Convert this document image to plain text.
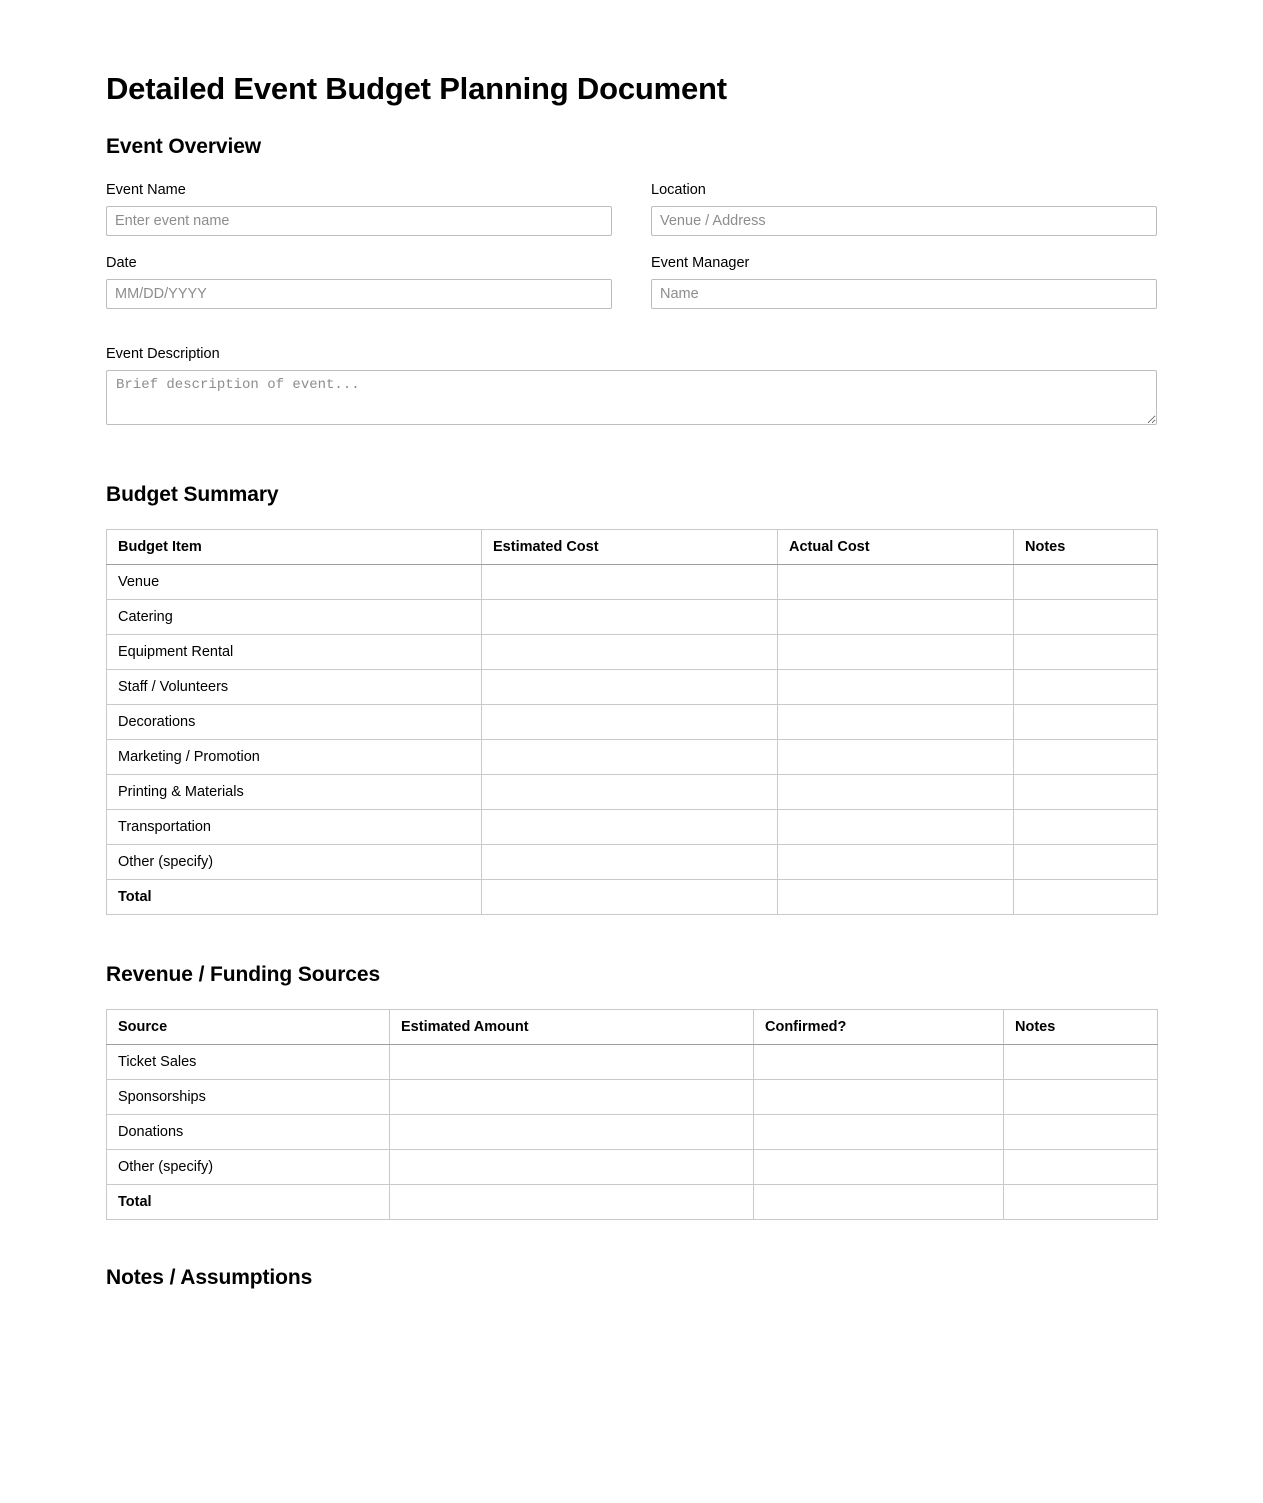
Detailed Event Budget Planning Document
Event Overview
Event Name
Enter event name	Location
Venue / Address
Date
MM/DD/YYYY	Event Manager
Name
Event Description
Brief description of event...
Budget Summary
Budget Item	Estimated Cost	Actual Cost	Notes
Venue			
Catering			
Equipment Rental			
Staff / Volunteers			
Decorations			
Marketing / Promotion			
Printing & Materials			
Transportation			
Other (specify)			
Total			
Revenue / Funding Sources
Source	Estimated Amount	Confirmed?	Notes
Ticket Sales			
Sponsorships			
Donations			
Other (specify)			
Total			
Notes / Assumptions
